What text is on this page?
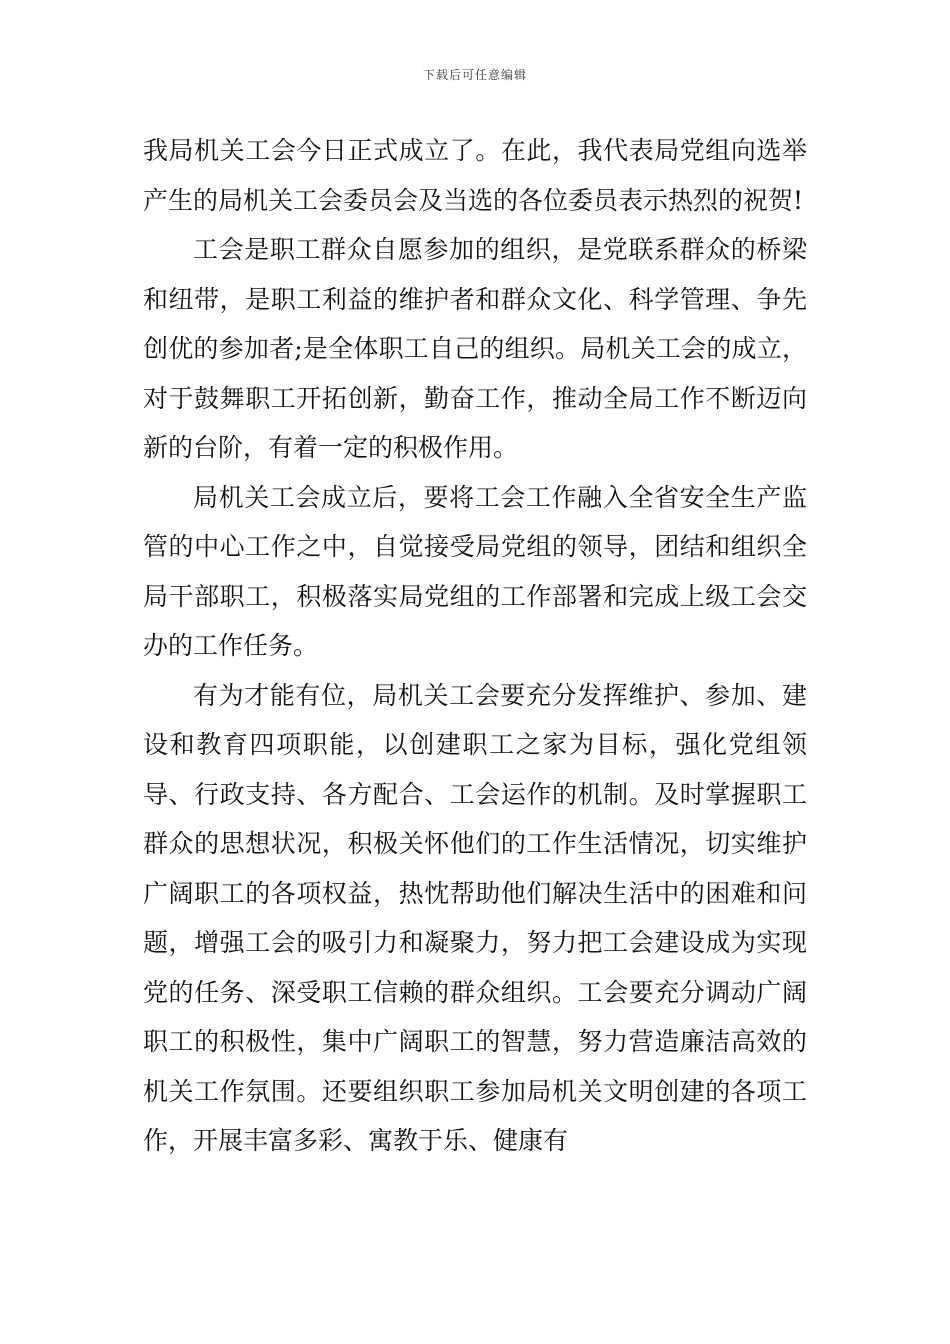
下载后可任意编辑

我局机关工会今日正式成立了。在此，我代表局党组向选举产生的局机关工会委员会及当选的各位委员表示热烈的祝贺!

工会是职工群众自愿参加的组织，是党联系群众的桥梁和纽带，是职工利益的维护者和群众文化、科学管理、争先创优的参加者;是全体职工自己的组织。局机关工会的成立，对于鼓舞职工开拓创新，勤奋工作，推动全局工作不断迈向新的台阶，有着一定的积极作用。

局机关工会成立后，要将工会工作融入全省安全生产监管的中心工作之中，自觉接受局党组的领导，团结和组织全局干部职工，积极落实局党组的工作部署和完成上级工会交办的工作任务。

有为才能有位，局机关工会要充分发挥维护、参加、建设和教育四项职能，以创建职工之家为目标，强化党组领导、行政支持、各方配合、工会运作的机制。及时掌握职工群众的思想状况，积极关怀他们的工作生活情况，切实维护广阔职工的各项权益，热忱帮助他们解决生活中的困难和问题，增强工会的吸引力和凝聚力，努力把工会建设成为实现党的任务、深受职工信赖的群众组织。工会要充分调动广阔职工的积极性，集中广阔职工的智慧，努力营造廉洁高效的机关工作氛围。还要组织职工参加局机关文明创建的各项工作，开展丰富多彩、寓教于乐、健康有
